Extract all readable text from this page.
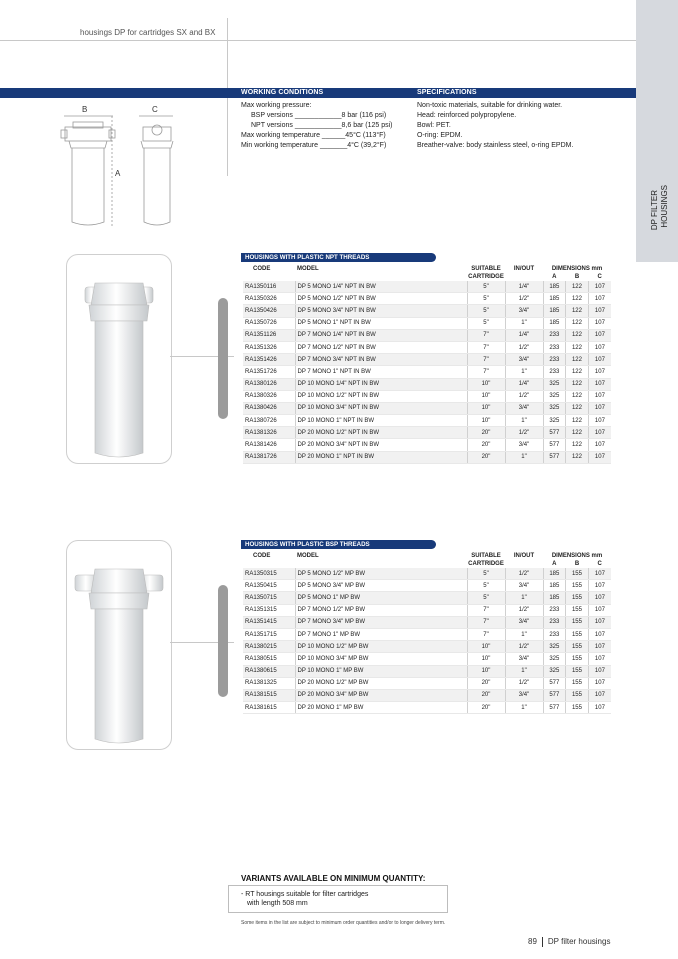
housings DP for cartridges SX and BX
DP FILTER HOUSINGS
WORKING CONDITIONS	SPECIFICATIONS
Max working pressure:
BSP versions ____________8 bar (116 psi)
NPT versions ____________8,6 bar (125 psi)
Max working temperature ______45°C (113°F)
Min working temperature _______4°C (39,2°F)
Non-toxic materials, suitable for drinking water.
Head: reinforced polypropylene.
Bowl: PET.
O-ring: EPDM.
Breather-valve: body stainless steel, o-ring EPDM.
B	C
A
HOUSINGS WITH PLASTIC NPT THREADS
CODE	MODEL	SUITABLE	IN/OUT	DIMENSIONS mm		
		CARTRIDGE		A	B	C
RA1350116	DP 5 MONO 1/4" NPT IN BW	5"	1/4"	185	122	107
RA1350326	DP 5 MONO 1/2" NPT IN BW	5"	1/2"	185	122	107
RA1350426	DP 5 MONO 3/4" NPT IN BW	5"	3/4"	185	122	107
RA1350726	DP 5 MONO 1" NPT IN BW	5"	1"	185	122	107
RA1351126	DP 7 MONO 1/4" NPT IN BW	7"	1/4"	233	122	107
RA1351326	DP 7 MONO 1/2" NPT IN BW	7"	1/2"	233	122	107
RA1351426	DP 7 MONO 3/4" NPT IN BW	7"	3/4"	233	122	107
RA1351726	DP 7 MONO 1" NPT IN BW	7"	1"	233	122	107
RA1380126	DP 10 MONO 1/4" NPT IN BW	10"	1/4"	325	122	107
RA1380326	DP 10 MONO 1/2" NPT IN BW	10"	1/2"	325	122	107
RA1380426	DP 10 MONO 3/4" NPT IN BW	10"	3/4"	325	122	107
RA1380726	DP 10 MONO 1" NPT IN BW	10"	1"	325	122	107
RA1381326	DP 20 MONO 1/2" NPT IN BW	20"	1/2"	577	122	107
RA1381426	DP 20 MONO 3/4" NPT IN BW	20"	3/4"	577	122	107
RA1381726	DP 20 MONO 1" NPT IN BW	20"	1"	577	122	107
HOUSINGS WITH PLASTIC BSP THREADS
CODE	MODEL	SUITABLE	IN/OUT	DIMENSIONS mm		
		CARTRIDGE		A	B	C
RA1350315	DP 5 MONO 1/2" MP BW	5"	1/2"	185	155	107
RA1350415	DP 5 MONO 3/4" MP BW	5"	3/4"	185	155	107
RA1350715	DP 5 MONO 1" MP BW	5"	1"	185	155	107
RA1351315	DP 7 MONO 1/2" MP BW	7"	1/2"	233	155	107
RA1351415	DP 7 MONO 3/4" MP BW	7"	3/4"	233	155	107
RA1351715	DP 7 MONO 1" MP BW	7"	1"	233	155	107
RA1380215	DP 10 MONO 1/2" MP BW	10"	1/2"	325	155	107
RA1380515	DP 10 MONO 3/4" MP BW	10"	3/4"	325	155	107
RA1380615	DP 10 MONO 1" MP BW	10"	1"	325	155	107
RA1381325	DP 20 MONO 1/2" MP BW	20"	1/2"	577	155	107
RA1381515	DP 20 MONO 3/4" MP BW	20"	3/4"	577	155	107
RA1381615	DP 20 MONO 1" MP BW	20"	1"	577	155	107
VARIANTS AVAILABLE ON MINIMUM QUANTITY:
- RT housings suitable for filter cartridges
with length 508 mm
Some items in the list are subject to minimum order quantities and/or to longer delivery term.
89 DP filter housings
